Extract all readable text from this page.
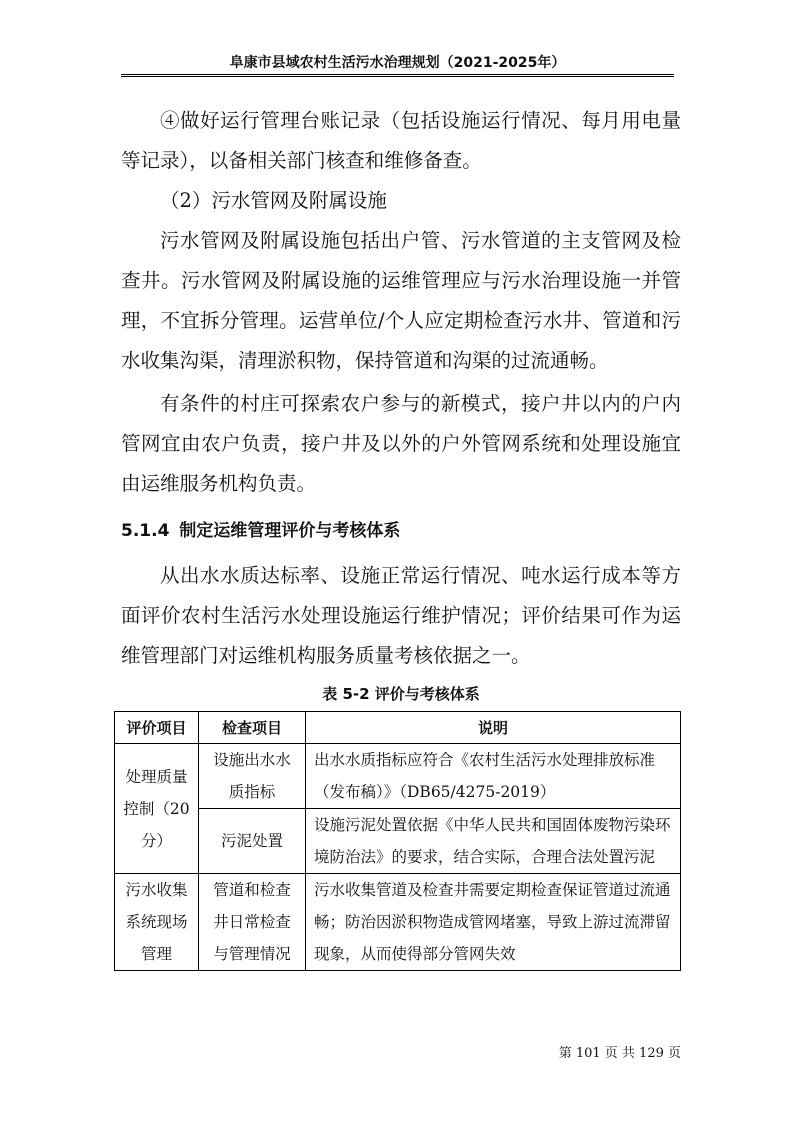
阜康市县域农村生活污水治理规划（2021-2025年）

④做好运行管理台账记录（包括设施运行情况、每月用电量等记录），以备相关部门核查和维修备查。

（2）污水管网及附属设施

污水管网及附属设施包括出户管、污水管道的主支管网及检查井。污水管网及附属设施的运维管理应与污水治理设施一并管理，不宜拆分管理。运营单位/个人应定期检查污水井、管道和污水收集沟渠，清理淤积物，保持管道和沟渠的过流通畅。

有条件的村庄可探索农户参与的新模式，接户井以内的户内管网宜由农户负责，接户井及以外的户外管网系统和处理设施宜由运维服务机构负责。

5.1.4 制定运维管理评价与考核体系

从出水水质达标率、设施正常运行情况、吨水运行成本等方面评价农村生活污水处理设施运行维护情况；评价结果可作为运维管理部门对运维机构服务质量考核依据之一。

表 5-2 评价与考核体系
评价项目	检查项目	说明
处理质量控制（20分）	设施出水水质指标	出水水质指标应符合《农村生活污水处理排放标准（发布稿）》（DB65/4275-2019）
	污泥处置	设施污泥处置依据《中华人民共和国固体废物污染环境防治法》的要求，结合实际，合理合法处置污泥
污水收集系统现场管理	管道和检查井日常检查与管理情况	污水收集管道及检查井需要定期检查保证管道过流通畅；防治因淤积物造成管网堵塞，导致上游过流滞留现象，从而使得部分管网失效
第 101 页 共 129 页
